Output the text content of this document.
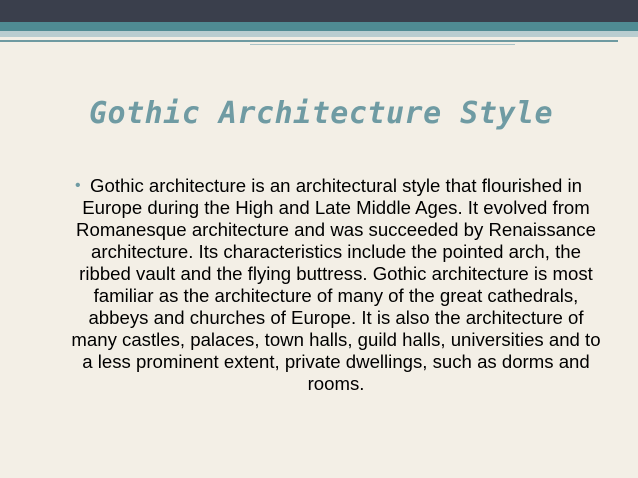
Gothic Architecture Style

• Gothic architecture is an architectural style that flourished in Europe during the High and Late Middle Ages. It evolved from Romanesque architecture and was succeeded by Renaissance architecture. Its characteristics include the pointed arch, the ribbed vault and the flying buttress. Gothic architecture is most familiar as the architecture of many of the great cathedrals, abbeys and churches of Europe. It is also the architecture of many castles, palaces, town halls, guild halls, universities and to a less prominent extent, private dwellings, such as dorms and rooms.
